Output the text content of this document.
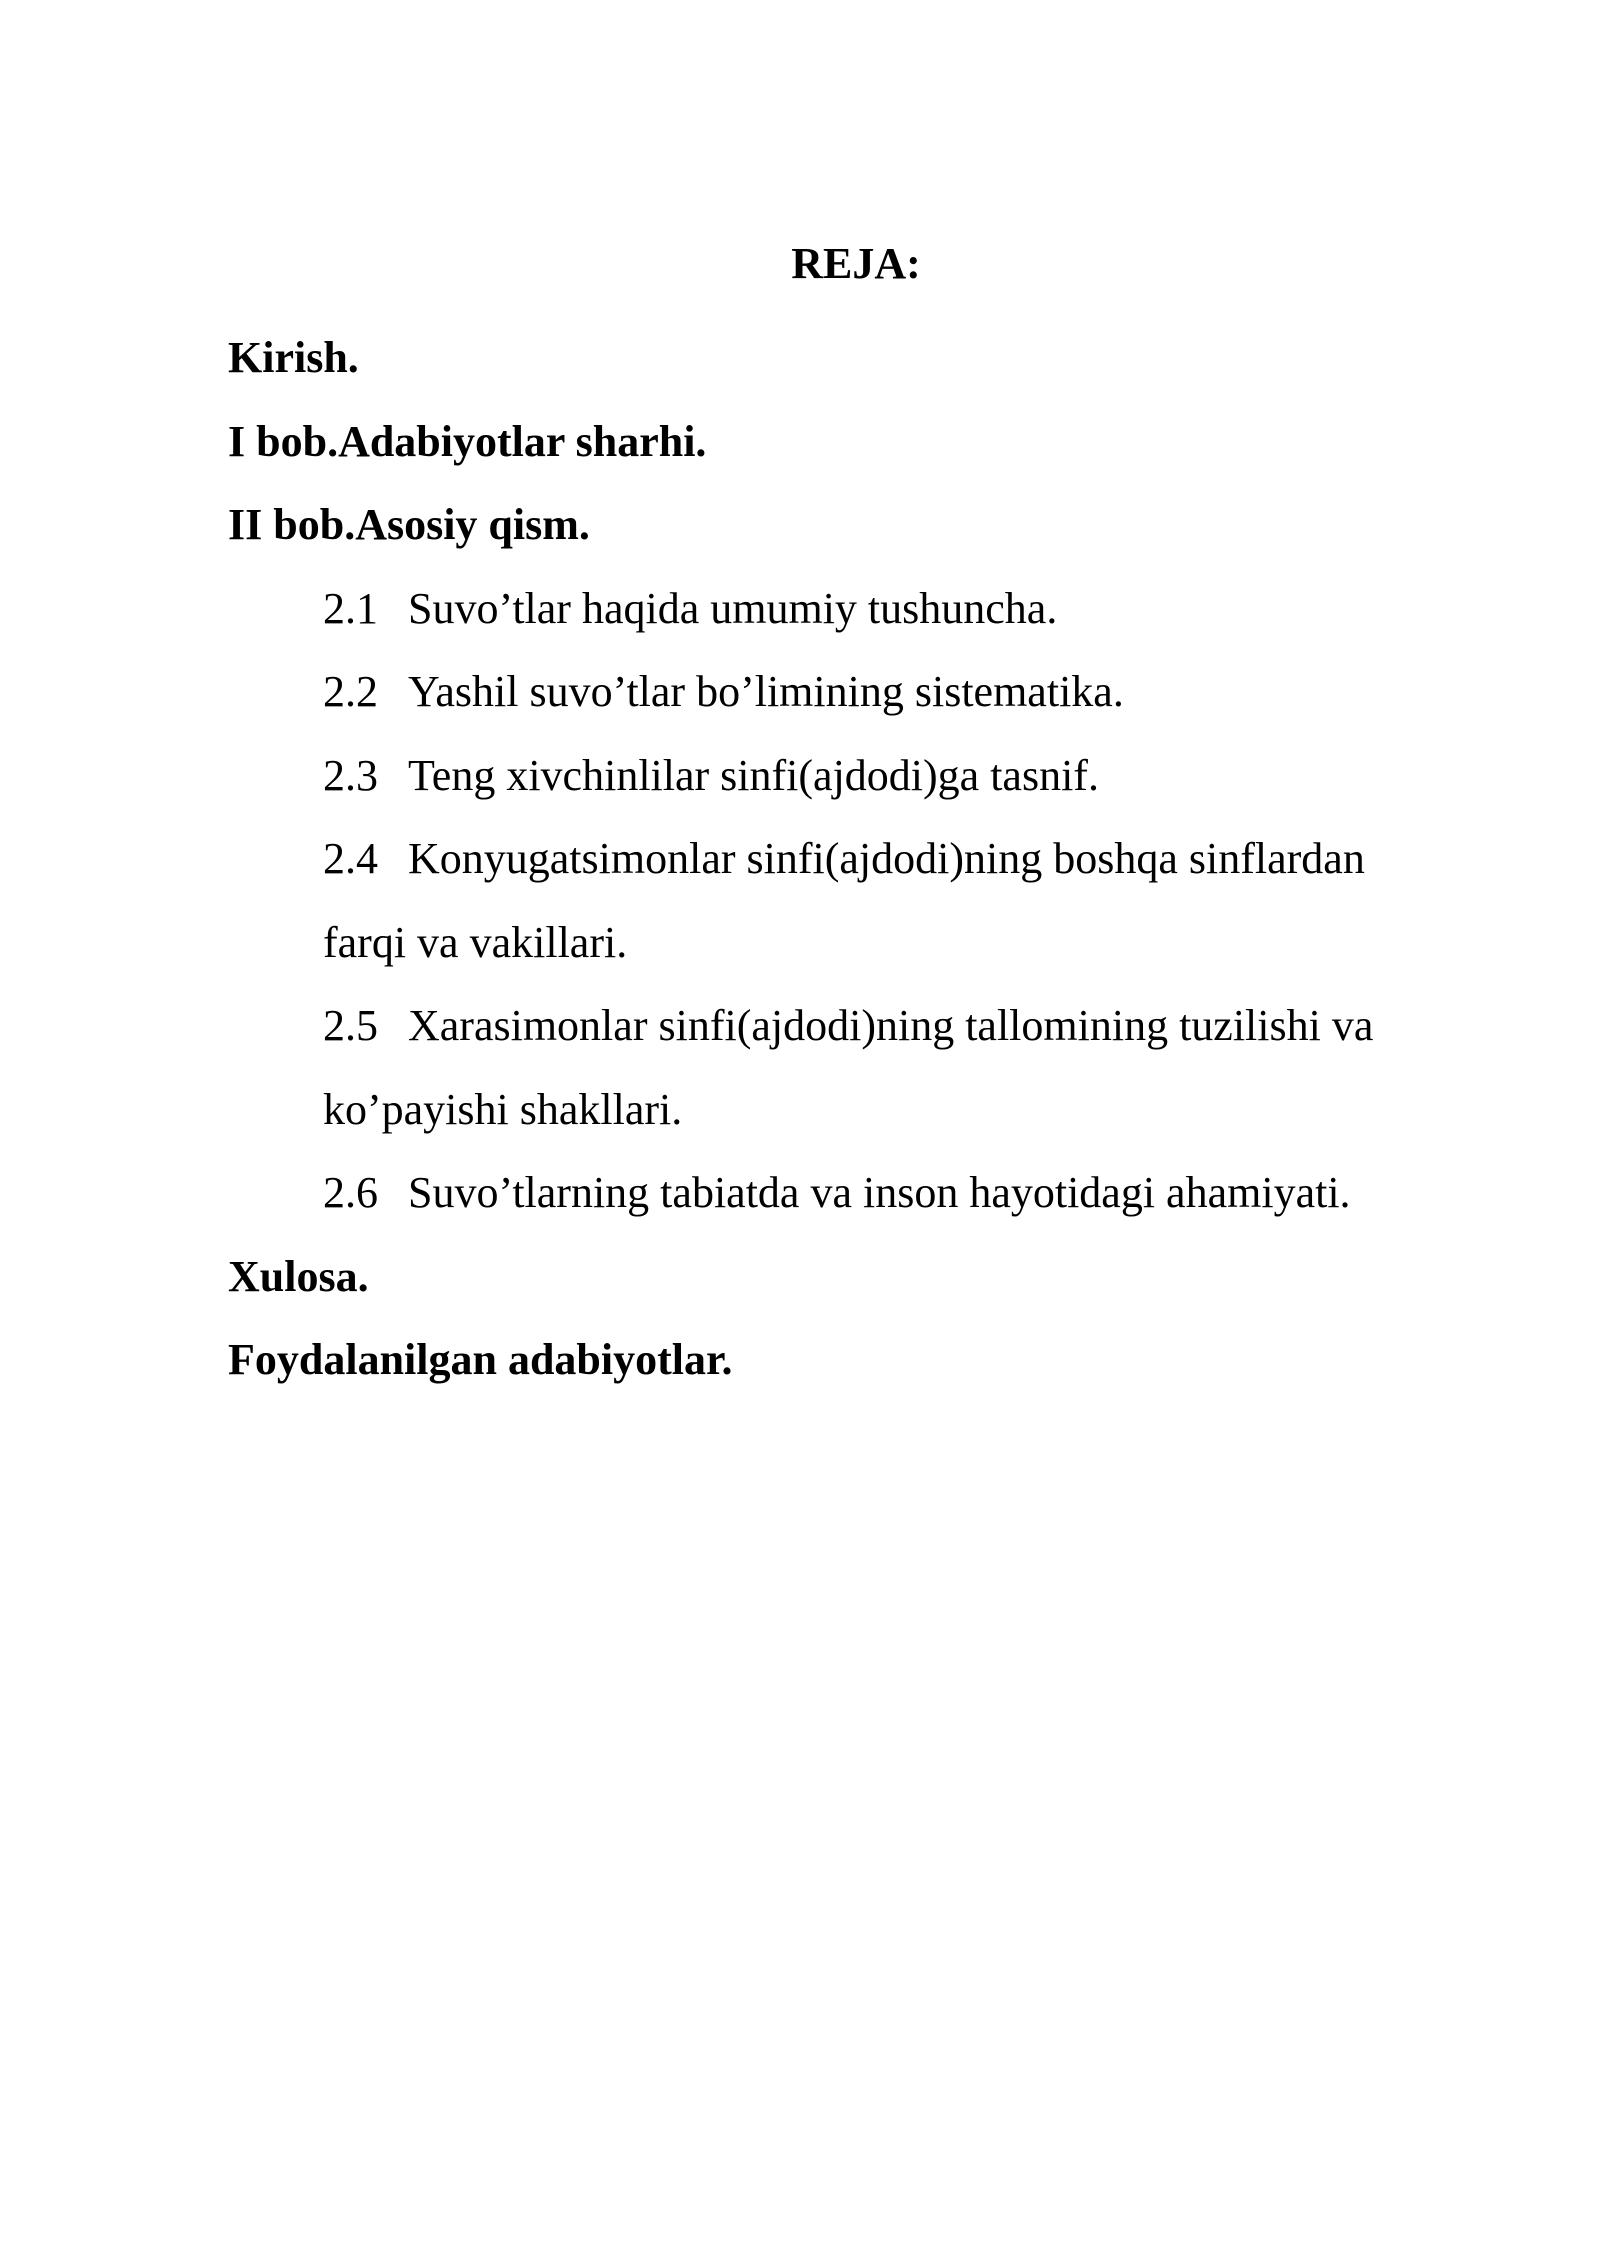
REJA:
Kirish.
I bob.Adabiyotlar sharhi.
II bob.Asosiy qism.
2.1 Suvo’tlar haqida umumiy tushuncha.
2.2 Yashil suvo’tlar bo’limining sistematika.
2.3 Teng xivchinlilar sinfi(ajdodi)ga tasnif.
2.4 Konyugatsimonlar sinfi(ajdodi)ning boshqa sinflardan
farqi va vakillari.
2.5 Xarasimonlar sinfi(ajdodi)ning tallomining tuzilishi va
ko’payishi shakllari.
2.6 Suvo’tlarning tabiatda va inson hayotidagi ahamiyati.
Xulosa.
Foydalanilgan adabiyotlar.
